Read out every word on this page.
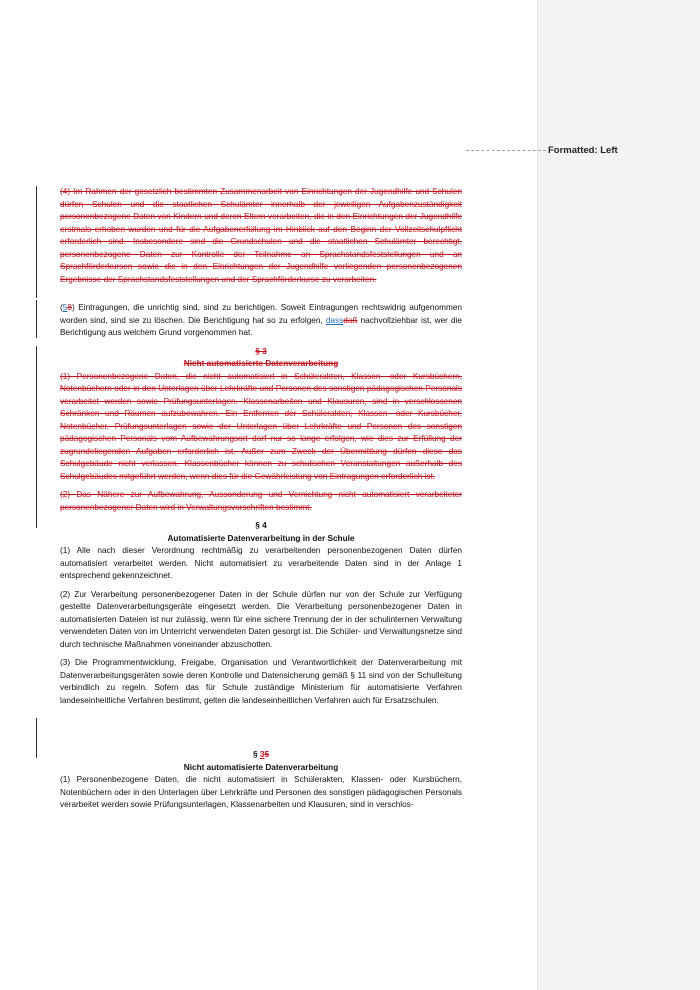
Formatted: Left

(4) Im Rahmen der gesetzlich bestimmten Zusammenarbeit von Einrichtungen der Jugendhilfe und Schulen dürfen Schulen und die staatlichen Schulämter innerhalb der jeweiligen Aufgabenzuständigkeit personenbezogene Daten von Kindern und deren Eltern verarbeiten, die in den Einrichtungen der Jugendhilfe erstmals erhoben wurden und für die Aufgabenerfüllung im Hinblick auf den Beginn der Vollzeitschulpflicht erforderlich sind. Insbesondere sind die Grundschulen und die staatlichen Schulämter berechtigt, personenbezogene Daten zur Kontrolle der Teilnahme an Sprachstandsfeststellungen und an Sprachförderkursen sowie die in den Einrichtungen der Jugendhilfe vorliegenden personenbezogenen Ergebnisse der Sprachstandsfeststellungen und der Sprachförderkurse zu verarbeiten.

(58) Eintragungen, die unrichtig sind, sind zu berichtigen. Soweit Eintragungen rechtswidrig aufgenommen worden sind, sind sie zu löschen. Die Berichtigung hat so zu erfolgen, dassdaß nachvollziehbar ist, wer die Berichtigung aus welchem Grund vorgenommen hat.

§ 3
Nicht automatisierte Datenverarbeitung

(1) Personenbezogene Daten, die nicht automatisiert in Schülerakten, Klassen- oder Kursbüchern, Notenbüchern oder in den Unterlagen über Lehrkräfte und Personen des sonstigen pädagogischen Personals verarbeitet werden sowie Prüfungsunterlagen, Klassenarbeiten und Klausuren, sind in verschlossenen Schränken und Räumen aufzubewahren. Ein Entfernen der Schülerakten, Klassen- oder Kursbücher, Notenbücher, Prüfungsunterlagen sowie der Unterlagen über Lehrkräfte und Personen des sonstigen pädagogischen Personals vom Aufbewahrungsort darf nur so lange erfolgen, wie dies zur Erfüllung der zugrundeliegenden Aufgaben erforderlich ist. Außer zum Zweck der Übermittlung dürfen diese das Schulgebäude nicht verlassen. Klassenbücher können zu schulischen Veranstaltungen außerhalb des Schulgebäudes mitgeführt werden, wenn dies für die Gewährleistung von Eintragungen erforderlich ist.

(2) Das Nähere zur Aufbewahrung, Aussonderung und Vernichtung nicht automatisiert verarbeiteter personenbezogener Daten wird in Verwaltungsvorschriften bestimmt.

§ 4
Automatisierte Datenverarbeitung in der Schule

(1) Alle nach dieser Verordnung rechtmäßig zu verarbeitenden personenbezogenen Daten dürfen automatisiert verarbeitet werden. Nicht automatisiert zu verarbeitende Daten sind in der Anlage 1 entsprechend gekennzeichnet.

(2) Zur Verarbeitung personenbezogener Daten in der Schule dürfen nur von der Schule zur Verfügung gestellte Datenverarbeitungsgeräte eingesetzt werden. Die Verarbeitung personenbezogener Daten in automatisierten Dateien ist nur zulässig, wenn für eine sichere Trennung der in der schulinternen Verwaltung verwendeten Daten von im Unterricht verwendeten Daten gesorgt ist. Die Schüler- und Verwaltungsnetze sind durch technische Maßnahmen voneinander abzuschotten.

(3) Die Programmentwicklung, Freigabe, Organisation und Verantwortlichkeit der Datenverarbeitung mit Datenverarbeitungsgeräten sowie deren Kontrolle und Datensicherung gemäß § 11 sind von der Schulleitung verbindlich zu regeln. Sofern das für Schule zuständige Ministerium für automatisierte Verfahren landeseinheitliche Verfahren bestimmt, gelten die landeseinheitlichen Verfahren auch für Ersatzschulen.

§ 35
Nicht automatisierte Datenverarbeitung

(1) Personenbezogene Daten, die nicht automatisiert in Schülerakten, Klassen- oder Kursbüchern, Notenbüchern oder in den Unterlagen über Lehrkräfte und Personen des sonstigen pädagogischen Personals verarbeitet werden sowie Prüfungsunterlagen, Klassenarbeiten und Klausuren, sind in verschlos-
